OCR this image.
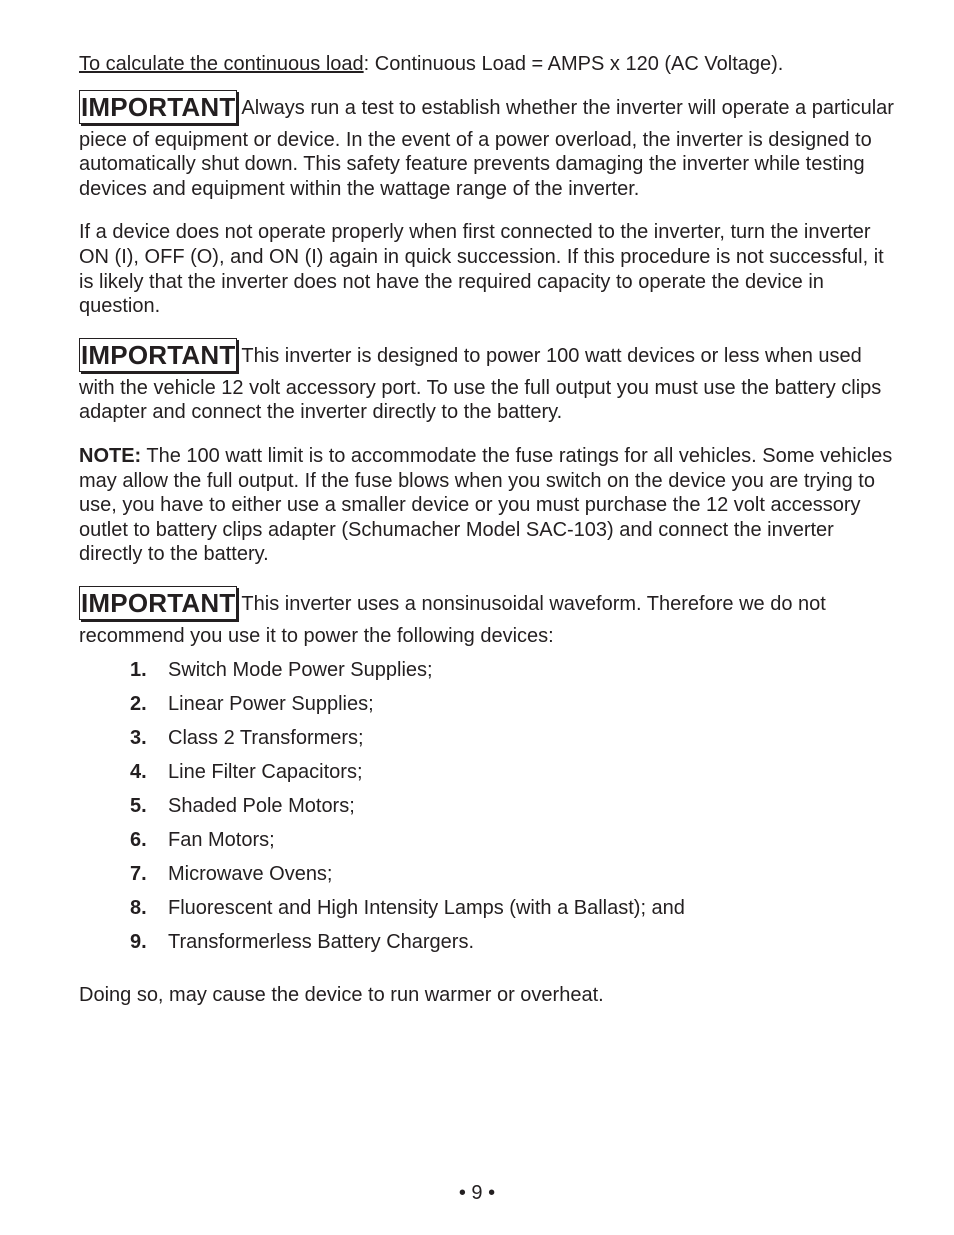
To calculate the continuous load: Continuous Load = AMPS x 120 (AC Voltage).

IMPORTANT Always run a test to establish whether the inverter will operate a particular piece of equipment or device. In the event of a power overload, the inverter is designed to automatically shut down. This safety feature prevents damaging the inverter while testing devices and equipment within the wattage range of the inverter.

If a device does not operate properly when first connected to the inverter, turn the inverter ON (I), OFF (O), and ON (I) again in quick succession. If this procedure is not successful, it is likely that the inverter does not have the required capacity to operate the device in question.

IMPORTANT This inverter is designed to power 100 watt devices or less when used with the vehicle 12 volt accessory port. To use the full output you must use the battery clips adapter and connect the inverter directly to the battery.

NOTE: The 100 watt limit is to accommodate the fuse ratings for all vehicles. Some vehicles may allow the full output. If the fuse blows when you switch on the device you are trying to use, you have to either use a smaller device or you must purchase the 12 volt accessory outlet to battery clips adapter (Schumacher Model SAC-103) and connect the inverter directly to the battery.

IMPORTANT This inverter uses a nonsinusoidal waveform. Therefore we do not recommend you use it to power the following devices:

1. Switch Mode Power Supplies;
2. Linear Power Supplies;
3. Class 2 Transformers;
4. Line Filter Capacitors;
5. Shaded Pole Motors;
6. Fan Motors;
7. Microwave Ovens;
8. Fluorescent and High Intensity Lamps (with a Ballast); and
9. Transformerless Battery Chargers.

Doing so, may cause the device to run warmer or overheat.

• 9 •
